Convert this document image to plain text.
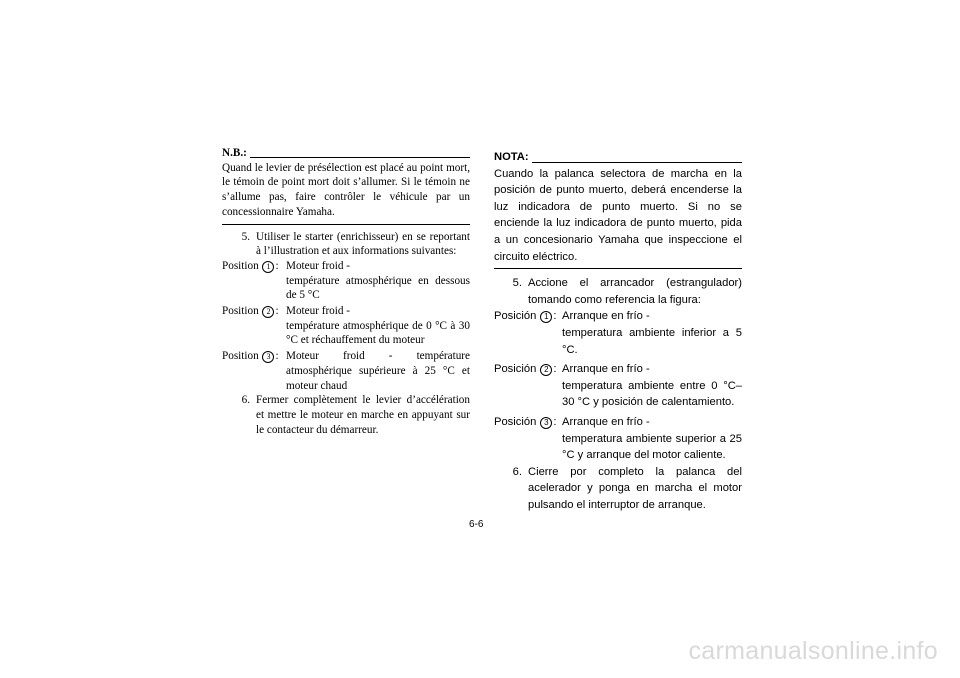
N.B.:
Quand le levier de présélection est placé au point mort, le témoin de point mort doit s’allumer. Si le témoin ne s’allume pas, faire contrôler le véhicule par un concessionnaire Yamaha.
5. Utiliser le starter (enrichisseur) en se reportant à l’illustration et aux informations suivantes:
Position 1 : Moteur froid -
température atmosphérique en dessous de 5 °C
Position 2 : Moteur froid -
température atmosphérique de 0 °C à 30 °C et réchauffement du moteur
Position 3 : Moteur froid - température atmosphérique supérieure à 25 °C et moteur chaud
6. Fermer complètement le levier d’accélération et mettre le moteur en marche en appuyant sur le contacteur du démarreur.
NOTA:
Cuando la palanca selectora de marcha en la posición de punto muerto, deberá encenderse la luz indicadora de punto muerto. Si no se enciende la luz indicadora de punto muerto, pida a un concesionario Yamaha que inspeccione el circuito eléctrico.
5. Accione el arrancador (estrangulador) tomando como referencia la figura:
Posición 1 : Arranque en frío -
temperatura ambiente inferior a 5 °C.
Posición 2 : Arranque en frío -
temperatura ambiente entre 0 °C–30 °C y posición de calentamiento.
Posición 3 : Arranque en frío -
temperatura ambiente superior a 25 °C y arranque del motor caliente.
6. Cierre por completo la palanca del acelerador y ponga en marcha el motor pulsando el interruptor de arranque.
6-6
carmanualsonline.info
